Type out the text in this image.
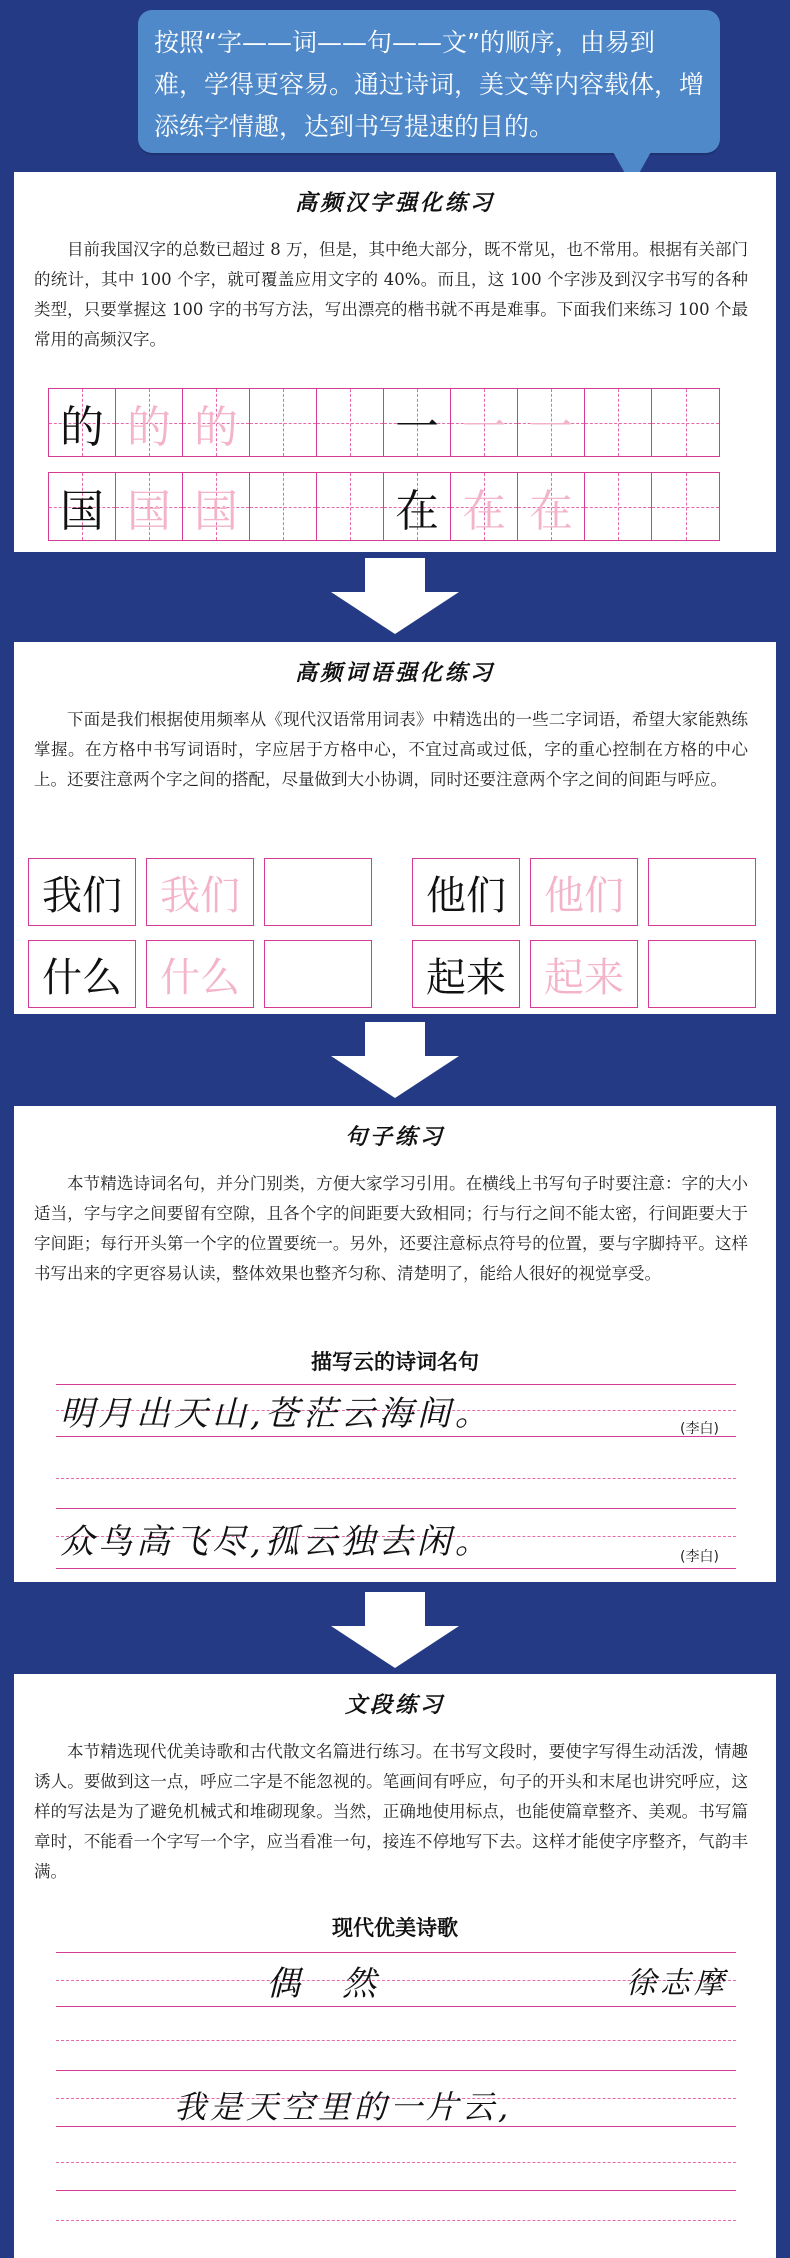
按照“字——词——句——文”的顺序，由易到难，学得更容易。通过诗词，美文等内容载体，增添练字情趣，达到书写提速的目的。
高频汉字强化练习

目前我国汉字的总数已超过 8 万，但是，其中绝大部分，既不常见，也不常用。根据有关部门的统计，其中 100 个字，就可覆盖应用文字的 40%。而且，这 100 个字涉及到汉字书写的各种类型，只要掌握这 100 字的书写方法，写出漂亮的楷书就不再是难事。下面我们来练习 100 个最常用的高频汉字。

的 的 的	一 一 一
国 国 国	在 在 在
高频词语强化练习

下面是我们根据使用频率从《现代汉语常用词表》中精选出的一些二字词语，希望大家能熟练掌握。在方格中书写词语时，字应居于方格中心，不宜过高或过低，字的重心控制在方格的中心上。还要注意两个字之间的搭配，尽量做到大小协调，同时还要注意两个字之间的间距与呼应。

我们 我们	他们 他们
什么 什么	起来 起来
句子练习

本节精选诗词名句，并分门别类，方便大家学习引用。在横线上书写句子时要注意：字的大小适当，字与字之间要留有空隙，且各个字的间距要大致相同；行与行之间不能太密，行间距要大于字间距；每行开头第一个字的位置要统一。另外，还要注意标点符号的位置，要与字脚持平。这样书写出来的字更容易认读，整体效果也整齐匀称、清楚明了，能给人很好的视觉享受。

描写云的诗词名句
明月出天山,苍茫云海间。	(李白)
众鸟高飞尽,孤云独去闲。	(李白)
文段练习

本节精选现代优美诗歌和古代散文名篇进行练习。在书写文段时，要使字写得生动活泼，情趣诱人。要做到这一点，呼应二字是不能忽视的。笔画间有呼应，句子的开头和末尾也讲究呼应，这样的写法是为了避免机械式和堆砌现象。当然，正确地使用标点，也能使篇章整齐、美观。书写篇章时，不能看一个字写一个字，应当看准一句，接连不停地写下去。这样才能使字序整齐，气韵丰满。

现代优美诗歌
偶　然	徐志摩
我是天空里的一片云,
